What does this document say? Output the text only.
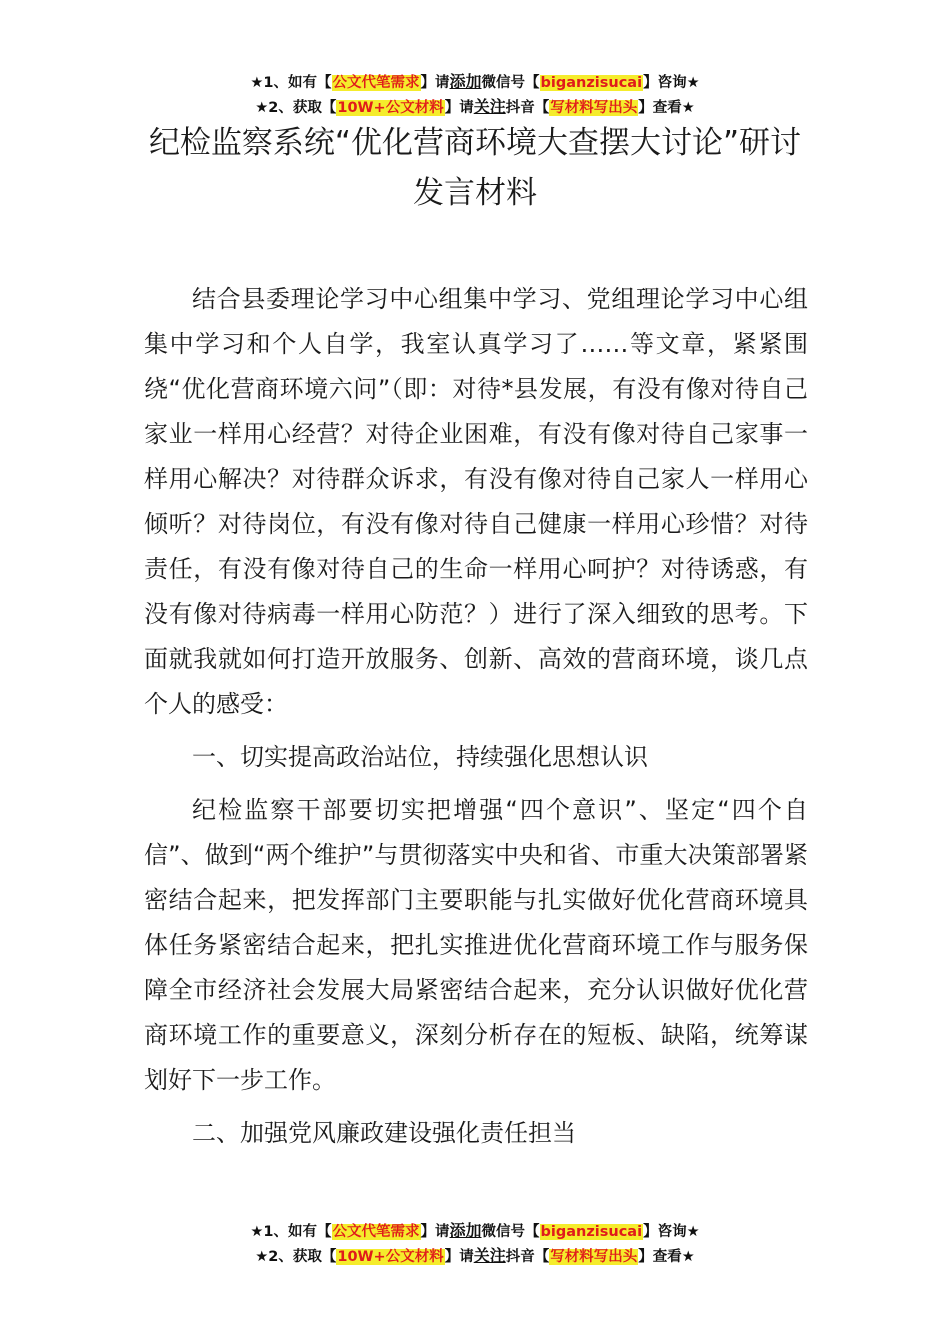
★1、如有【公文代笔需求】请添加微信号【biganzisucai】咨询★
★2、获取【10W+公文材料】请关注抖音【写材料写出头】查看★
纪检监察系统“优化营商环境大查摆大讨论”研讨发言材料

结合县委理论学习中心组集中学习、党组理论学习中心组集中学习和个人自学，我室认真学习了……等文章，紧紧围绕“优化营商环境六问”（即：对待*县发展，有没有像对待自己家业一样用心经营？对待企业困难，有没有像对待自己家事一样用心解决？对待群众诉求，有没有像对待自己家人一样用心倾听？对待岗位，有没有像对待自己健康一样用心珍惜？对待责任，有没有像对待自己的生命一样用心呵护？对待诱惑，有没有像对待病毒一样用心防范？）进行了深入细致的思考。下面就我就如何打造开放服务、创新、高效的营商环境，谈几点个人的感受：

一、切实提高政治站位，持续强化思想认识

纪检监察干部要切实把增强“四个意识”、坚定“四个自信”、做到“两个维护”与贯彻落实中央和省、市重大决策部署紧密结合起来，把发挥部门主要职能与扎实做好优化营商环境具体任务紧密结合起来，把扎实推进优化营商环境工作与服务保障全市经济社会发展大局紧密结合起来，充分认识做好优化营商环境工作的重要意义，深刻分析存在的短板、缺陷，统筹谋划好下一步工作。

二、加强党风廉政建设强化责任担当

★1、如有【公文代笔需求】请添加微信号【biganzisucai】咨询★
★2、获取【10W+公文材料】请关注抖音【写材料写出头】查看★
